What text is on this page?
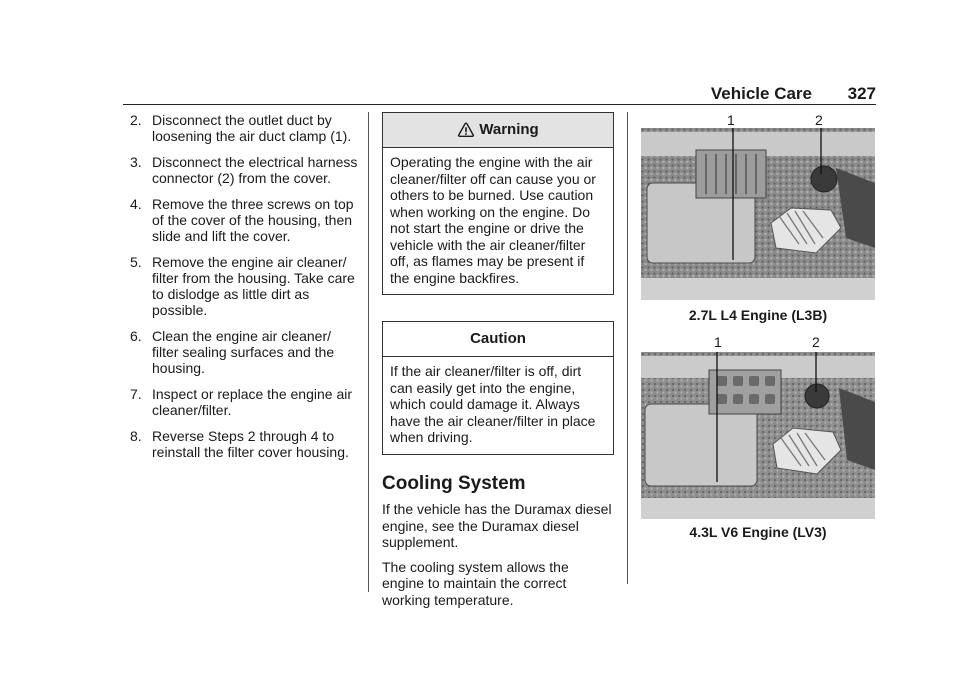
Vehicle Care 327
2. Disconnect the outlet duct by loosening the air duct clamp (1).
3. Disconnect the electrical harness connector (2) from the cover.
4. Remove the three screws on top of the cover of the housing, then slide and lift the cover.
5. Remove the engine air cleaner/ filter from the housing. Take care to dislodge as little dirt as possible.
6. Clean the engine air cleaner/ filter sealing surfaces and the housing.
7. Inspect or replace the engine air cleaner/filter.
8. Reverse Steps 2 through 4 to reinstall the filter cover housing.
Warning
Operating the engine with the air cleaner/filter off can cause you or others to be burned. Use caution when working on the engine. Do not start the engine or drive the vehicle with the air cleaner/filter off, as flames may be present if the engine backfires.
Caution
If the air cleaner/filter is off, dirt can easily get into the engine, which could damage it. Always have the air cleaner/filter in place when driving.
Cooling System
If the vehicle has the Duramax diesel engine, see the Duramax diesel supplement.
The cooling system allows the engine to maintain the correct working temperature.
1	2
2.7L L4 Engine (L3B)
1	2
4.3L V6 Engine (LV3)
